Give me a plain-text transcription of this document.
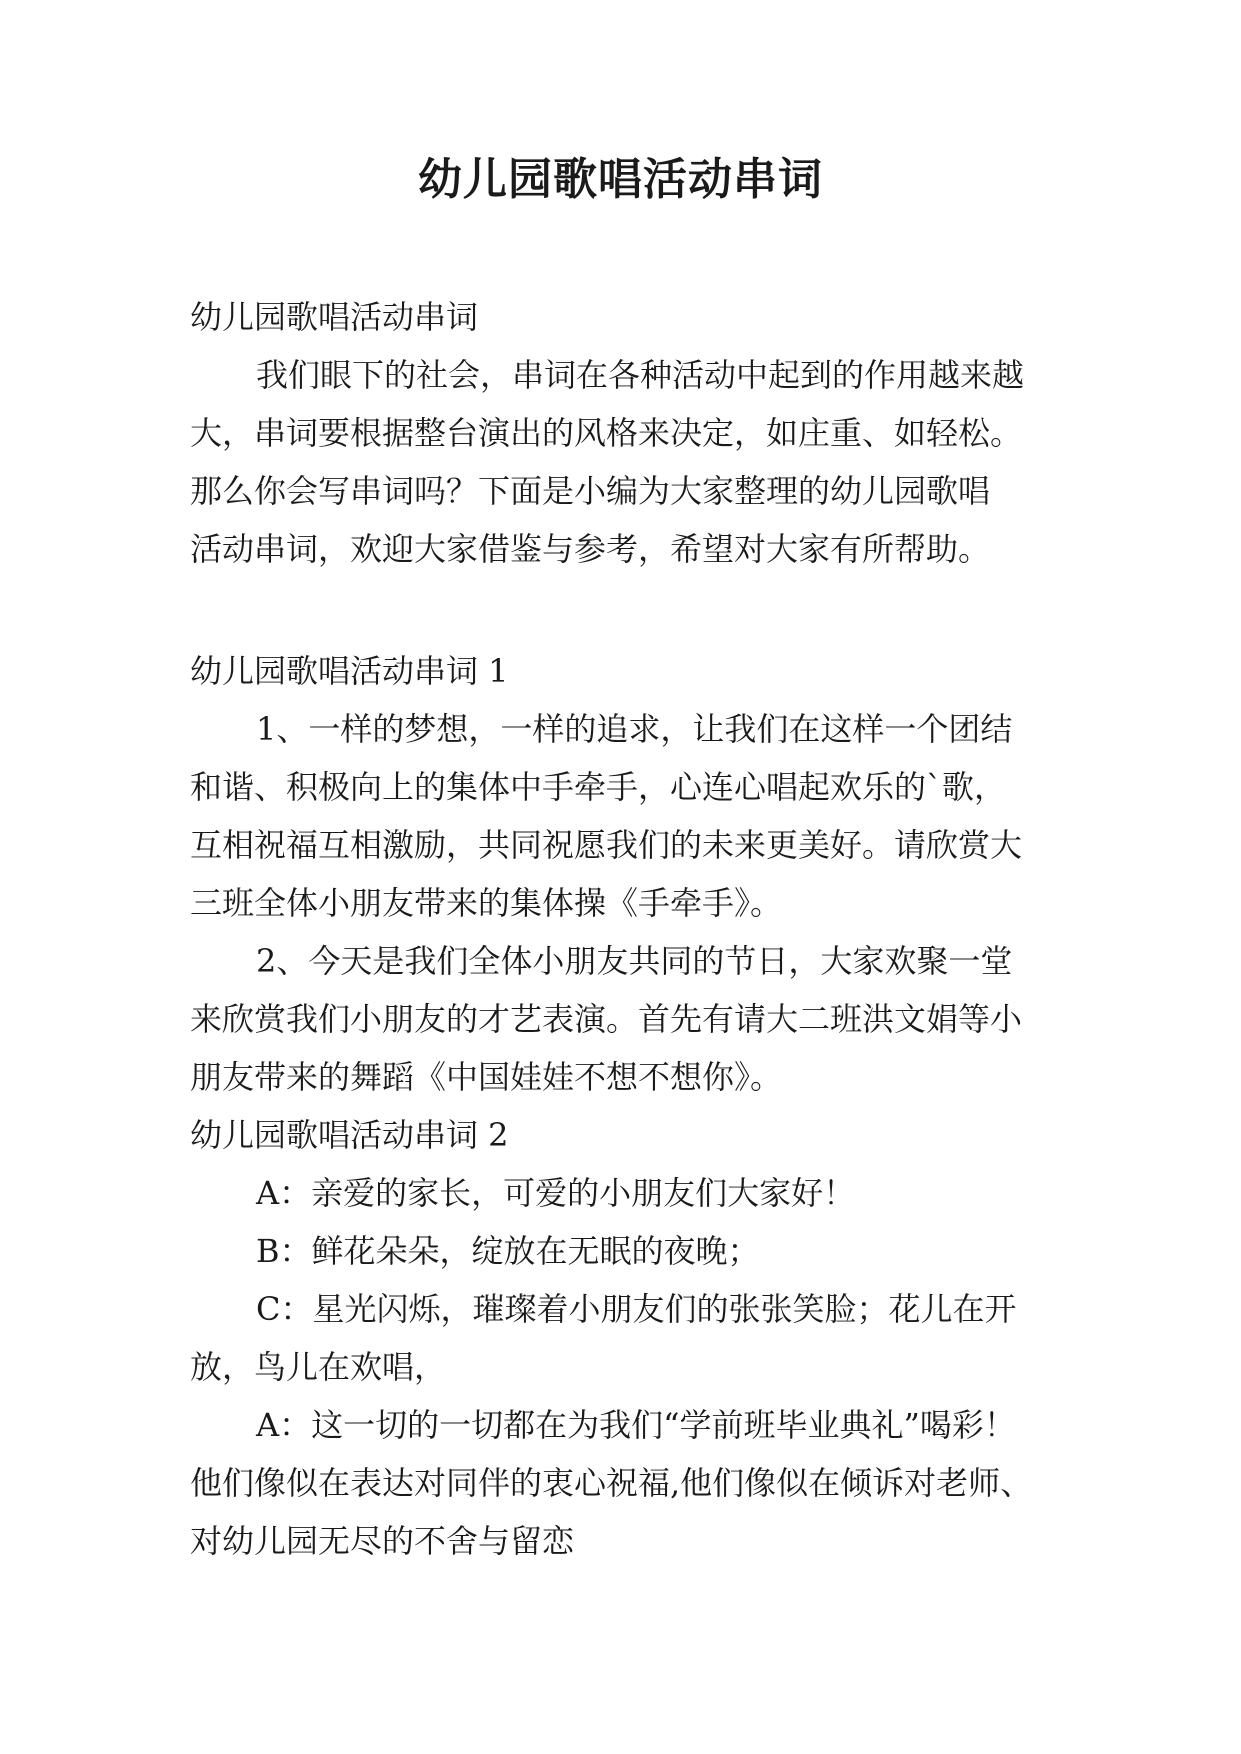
幼儿园歌唱活动串词
幼儿园歌唱活动串词
我们眼下的社会，串词在各种活动中起到的作用越来越
大，串词要根据整台演出的风格来决定，如庄重、如轻松。
那么你会写串词吗？下面是小编为大家整理的幼儿园歌唱
活动串词，欢迎大家借鉴与参考，希望对大家有所帮助。
幼儿园歌唱活动串词 1
1、一样的梦想，一样的追求，让我们在这样一个团结
和谐、积极向上的集体中手牵手，心连心唱起欢乐的`歌，
互相祝福互相激励，共同祝愿我们的未来更美好。请欣赏大
三班全体小朋友带来的集体操《手牵手》。
2、今天是我们全体小朋友共同的节日，大家欢聚一堂
来欣赏我们小朋友的才艺表演。首先有请大二班洪文娟等小
朋友带来的舞蹈《中国娃娃不想不想你》。
幼儿园歌唱活动串词 2
A：亲爱的家长，可爱的小朋友们大家好！
B：鲜花朵朵，绽放在无眠的夜晚；
C：星光闪烁，璀璨着小朋友们的张张笑脸；花儿在开
放，鸟儿在欢唱，
A：这一切的一切都在为我们“学前班毕业典礼”喝彩！
他们像似在表达对同伴的衷心祝福,他们像似在倾诉对老师、
对幼儿园无尽的不舍与留恋
